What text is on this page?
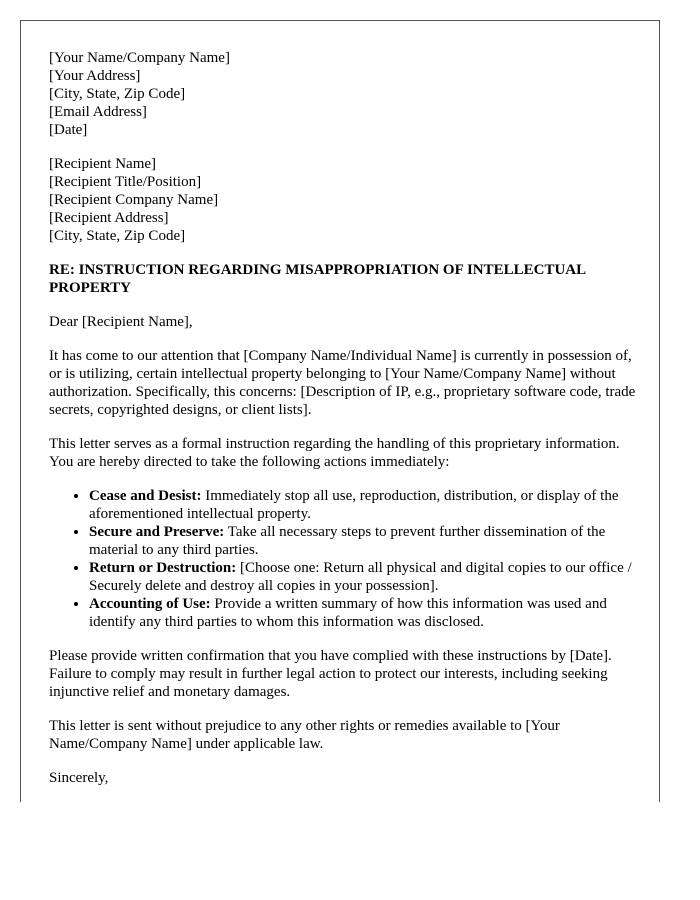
[Your Name/Company Name]
[Your Address]
[City, State, Zip Code]
[Email Address]
[Date]
[Recipient Name]
[Recipient Title/Position]
[Recipient Company Name]
[Recipient Address]
[City, State, Zip Code]

RE: INSTRUCTION REGARDING MISAPPROPRIATION OF INTELLECTUAL PROPERTY

Dear [Recipient Name],

It has come to our attention that [Company Name/Individual Name] is currently in possession of, or is utilizing, certain intellectual property belonging to [Your Name/Company Name] without authorization. Specifically, this concerns: [Description of IP, e.g., proprietary software code, trade secrets, copyrighted designs, or client lists].

This letter serves as a formal instruction regarding the handling of this proprietary information. You are hereby directed to take the following actions immediately:

• Cease and Desist: Immediately stop all use, reproduction, distribution, or display of the aforementioned intellectual property.
• Secure and Preserve: Take all necessary steps to prevent further dissemination of the material to any third parties.
• Return or Destruction: [Choose one: Return all physical and digital copies to our office / Securely delete and destroy all copies in your possession].
• Accounting of Use: Provide a written summary of how this information was used and identify any third parties to whom this information was disclosed.

Please provide written confirmation that you have complied with these instructions by [Date]. Failure to comply may result in further legal action to protect our interests, including seeking injunctive relief and monetary damages.

This letter is sent without prejudice to any other rights or remedies available to [Your Name/Company Name] under applicable law.

Sincerely,
